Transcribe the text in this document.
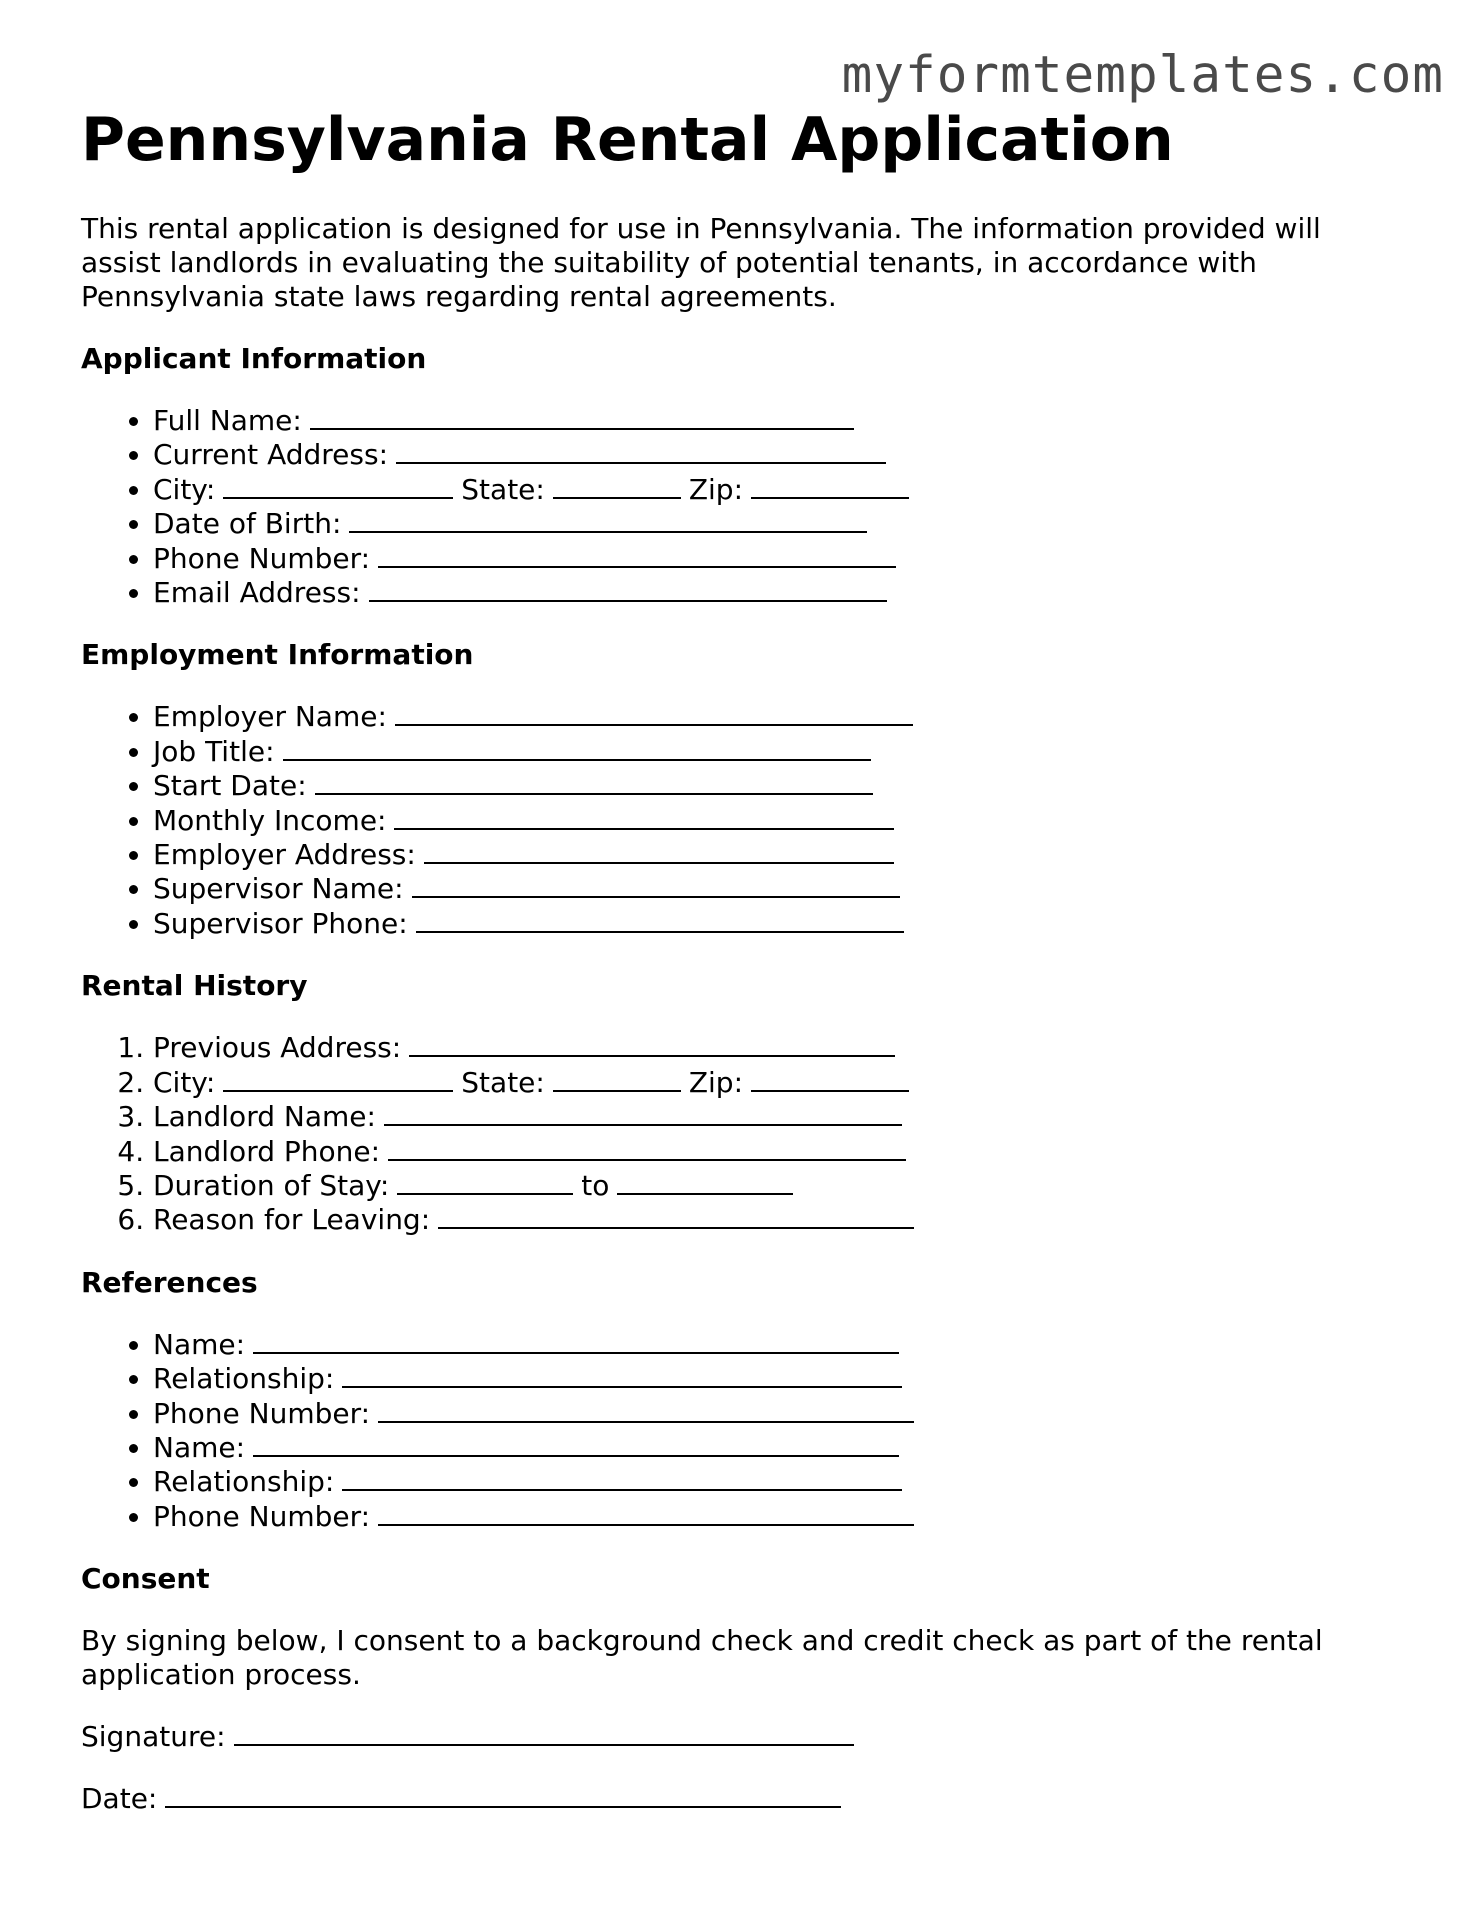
myformtemplates.com
Pennsylvania Rental Application

This rental application is designed for use in Pennsylvania. The information provided will assist landlords in evaluating the suitability of potential tenants, in accordance with Pennsylvania state laws regarding rental agreements.

Applicant Information
• Full Name:
• Current Address:
• City:	State:	Zip:
• Date of Birth:
• Phone Number:
• Email Address:
Employment Information
• Employer Name:
• Job Title:
• Start Date:
• Monthly Income:
• Employer Address:
• Supervisor Name:
• Supervisor Phone:
Rental History
1. Previous Address:
2. City:	State:	Zip:
3. Landlord Name:
4. Landlord Phone:
5. Duration of Stay:	to
6. Reason for Leaving:
References
• Name:
• Relationship:
• Phone Number:
• Name:
• Relationship:
• Phone Number:
Consent

By signing below, I consent to a background check and credit check as part of the rental application process.

Signature:

Date:
